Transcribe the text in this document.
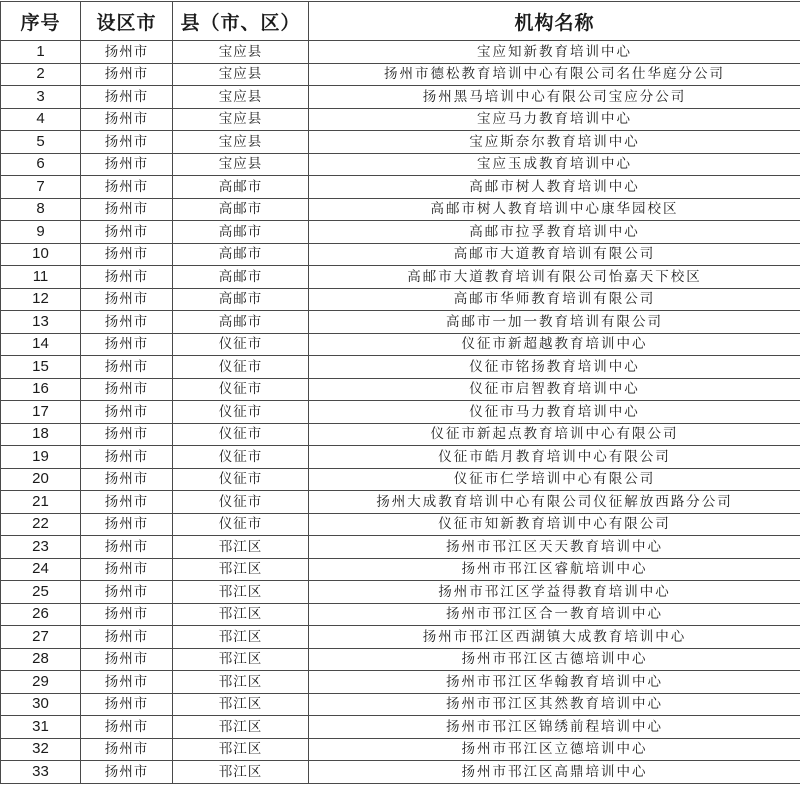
序号	设区市	县（市、区）	机构名称
1	扬州市	宝应县	宝应知新教育培训中心
2	扬州市	宝应县	扬州市德松教育培训中心有限公司名仕华庭分公司
3	扬州市	宝应县	扬州黑马培训中心有限公司宝应分公司
4	扬州市	宝应县	宝应马力教育培训中心
5	扬州市	宝应县	宝应斯奈尔教育培训中心
6	扬州市	宝应县	宝应玉成教育培训中心
7	扬州市	高邮市	高邮市树人教育培训中心
8	扬州市	高邮市	高邮市树人教育培训中心康华园校区
9	扬州市	高邮市	高邮市拉孚教育培训中心
10	扬州市	高邮市	高邮市大道教育培训有限公司
11	扬州市	高邮市	高邮市大道教育培训有限公司怡嘉天下校区
12	扬州市	高邮市	高邮市华师教育培训有限公司
13	扬州市	高邮市	高邮市一加一教育培训有限公司
14	扬州市	仪征市	仪征市新超越教育培训中心
15	扬州市	仪征市	仪征市铭扬教育培训中心
16	扬州市	仪征市	仪征市启智教育培训中心
17	扬州市	仪征市	仪征市马力教育培训中心
18	扬州市	仪征市	仪征市新起点教育培训中心有限公司
19	扬州市	仪征市	仪征市皓月教育培训中心有限公司
20	扬州市	仪征市	仪征市仁学培训中心有限公司
21	扬州市	仪征市	扬州大成教育培训中心有限公司仪征解放西路分公司
22	扬州市	仪征市	仪征市知新教育培训中心有限公司
23	扬州市	邗江区	扬州市邗江区天天教育培训中心
24	扬州市	邗江区	扬州市邗江区睿航培训中心
25	扬州市	邗江区	扬州市邗江区学益得教育培训中心
26	扬州市	邗江区	扬州市邗江区合一教育培训中心
27	扬州市	邗江区	扬州市邗江区西湖镇大成教育培训中心
28	扬州市	邗江区	扬州市邗江区古德培训中心
29	扬州市	邗江区	扬州市邗江区华翰教育培训中心
30	扬州市	邗江区	扬州市邗江区其然教育培训中心
31	扬州市	邗江区	扬州市邗江区锦绣前程培训中心
32	扬州市	邗江区	扬州市邗江区立德培训中心
33	扬州市	邗江区	扬州市邗江区高鼎培训中心
